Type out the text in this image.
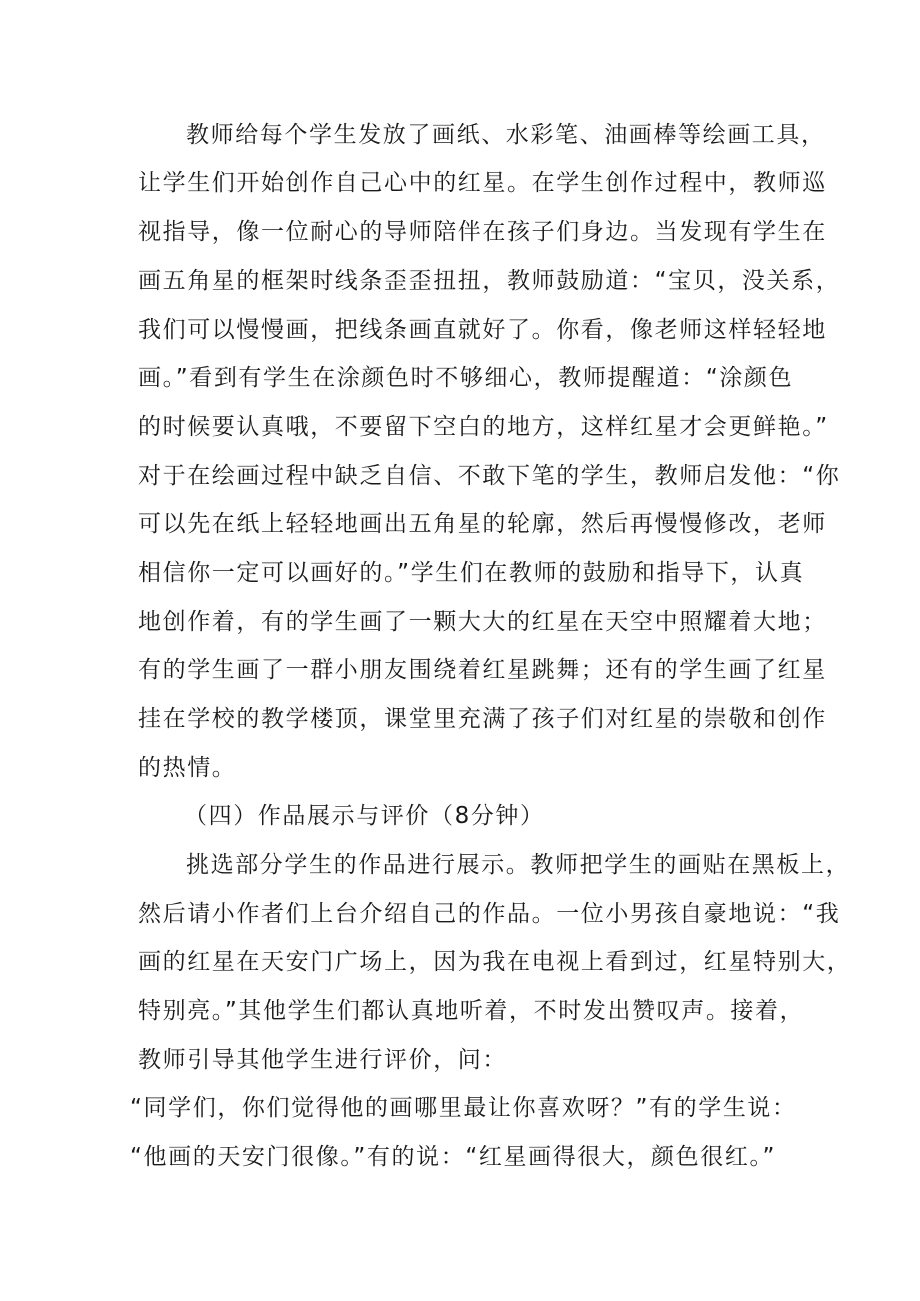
教师给每个学生发放了画纸、水彩笔、油画棒等绘画工具，
让学生们开始创作自己心中的红星。在学生创作过程中，教师巡
视指导，像一位耐心的导师陪伴在孩子们身边。当发现有学生在
画五角星的框架时线条歪歪扭扭，教师鼓励道：“宝贝，没关系，
我们可以慢慢画，把线条画直就好了。你看，像老师这样轻轻地
画。”看到有学生在涂颜色时不够细心，教师提醒道：“涂颜色
的时候要认真哦，不要留下空白的地方，这样红星才会更鲜艳。”
对于在绘画过程中缺乏自信、不敢下笔的学生，教师启发他：“你
可以先在纸上轻轻地画出五角星的轮廓，然后再慢慢修改，老师
相信你一定可以画好的。”学生们在教师的鼓励和指导下，认真
地创作着，有的学生画了一颗大大的红星在天空中照耀着大地；
有的学生画了一群小朋友围绕着红星跳舞；还有的学生画了红星
挂在学校的教学楼顶，课堂里充满了孩子们对红星的崇敬和创作
的热情。
（四）作品展示与评价（8分钟）
挑选部分学生的作品进行展示。教师把学生的画贴在黑板上，
然后请小作者们上台介绍自己的作品。一位小男孩自豪地说：“我
画的红星在天安门广场上，因为我在电视上看到过，红星特别大，
特别亮。”其他学生们都认真地听着，不时发出赞叹声。接着，
教师引导其他学生进行评价，问：
“同学们，你们觉得他的画哪里最让你喜欢呀？”有的学生说：
“他画的天安门很像。”有的说：“红星画得很大，颜色很红。”
